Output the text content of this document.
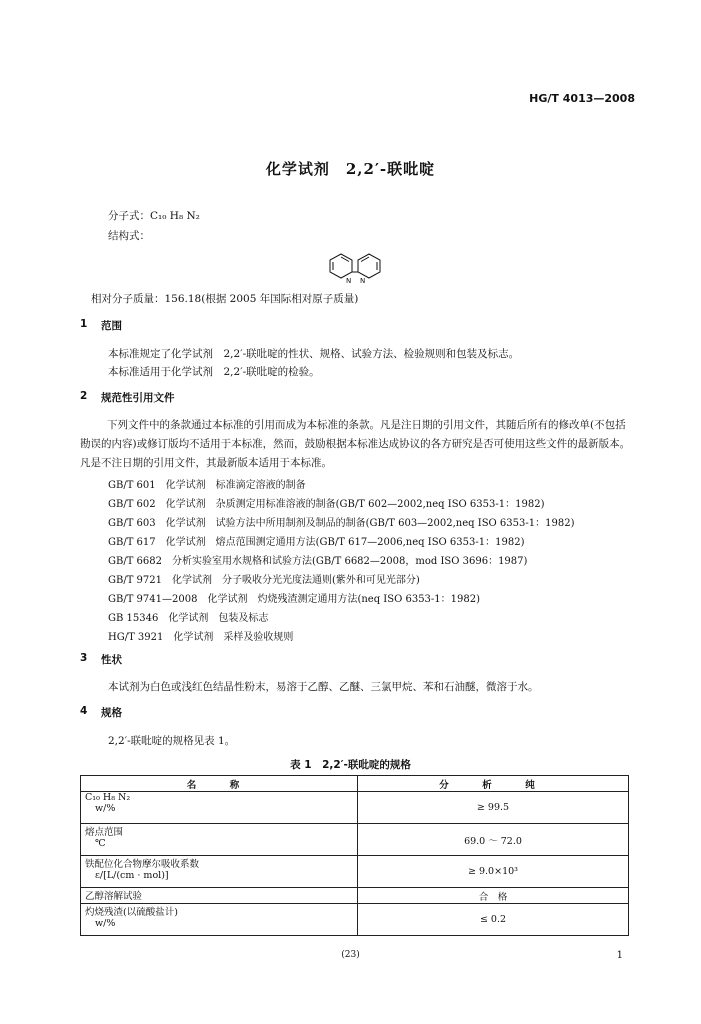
HG/T 4013—2008
化学试剂　2,2′-联吡啶
分子式：C₁₀ H₈ N₂
结构式：
N N
相对分子质量：156.18(根据 2005 年国际相对原子质量)
1 范围
本标准规定了化学试剂　2,2′-联吡啶的性状、规格、试验方法、检验规则和包装及标志。
本标准适用于化学试剂　2,2′-联吡啶的检验。
2 规范性引用文件
下列文件中的条款通过本标准的引用而成为本标准的条款。凡是注日期的引用文件，其随后所有的修改单(不包括勘误的内容)或修订版均不适用于本标准，然而，鼓励根据本标准达成协议的各方研究是否可使用这些文件的最新版本。凡是不注日期的引用文件，其最新版本适用于本标准。
GB/T 601　化学试剂　标准滴定溶液的制备
GB/T 602　化学试剂　杂质测定用标准溶液的制备(GB/T 602—2002,neq ISO 6353-1：1982)
GB/T 603　化学试剂　试验方法中所用制剂及制品的制备(GB/T 603—2002,neq ISO 6353-1：1982)
GB/T 617　化学试剂　熔点范围测定通用方法(GB/T 617—2006,neq ISO 6353-1：1982)
GB/T 6682　分析实验室用水规格和试验方法(GB/T 6682—2008，mod ISO 3696：1987)
GB/T 9721　化学试剂　分子吸收分光光度法通则(紫外和可见光部分)
GB/T 9741—2008　化学试剂　灼烧残渣测定通用方法(neq ISO 6353-1：1982)
GB 15346　化学试剂　包装及标志
HG/T 3921　化学试剂　采样及验收规则
3 性状
本试剂为白色或浅红色结晶性粉末，易溶于乙醇、乙醚、三氯甲烷、苯和石油醚，微溶于水。
4 规格
2,2′-联吡啶的规格见表 1。
表 1　2,2′-联吡啶的规格
名　称	分　析　纯
C₁₀ H₈ N₂
w/%	≥ 99.5
熔点范围
℃	69.0 ～ 72.0
铁配位化合物摩尔吸收系数
ε/[L/(cm · mol)]	≥ 9.0×10³
乙醇溶解试验	合　格
灼烧残渣(以硫酸盐计)
w/%	≤ 0.2
(23)	1
